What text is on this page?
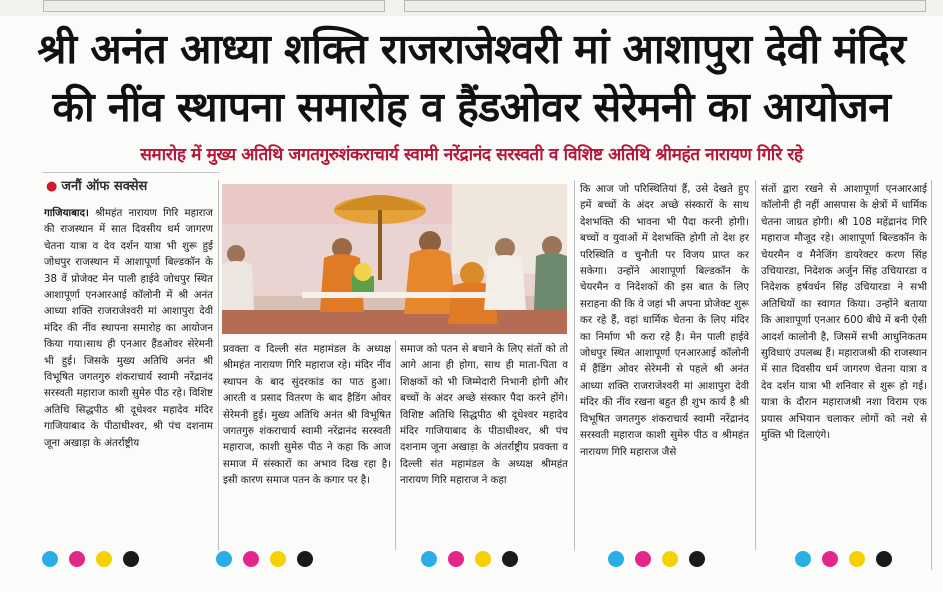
श्री अनंत आध्या शक्ति राजराजेश्वरी मां आशापुरा देवी मंदिर
की नींव स्थापना समारोह व हैंडओवर सेरेमनी का आयोजन
समारोह में मुख्य अतिथि जगतगुरुशंकराचार्य स्वामी नरेंद्रानंद सरस्वती व विशिष्ट अतिथि श्रीमहंत नारायण गिरि रहे
● जनौं ऑफ सक्सेस

गाजियाबाद। श्रीमहंत नारायण गिरि महाराज की राजस्थान में सात दिवसीय धर्म जागरण चेतना यात्रा व देव दर्शन यात्रा भी शुरू हुई जोधपुर राजस्थान में आशापूर्णा बिल्डकॉन के 38 वें प्रोजेक्ट मेन पाली हाईवे जोधपुर स्थित आशापूर्णा एनआरआई कॉलोनी में श्री अनंत आध्या शक्ति राजराजेश्वरी मां आशापुरा देवी मंदिर की नींव स्थापना समारोह का आयोजन किया गया।साथ ही एनआर हैंडओवर सेरेमनी भी हुई। जिसके मुख्य अतिथि अनंत श्री विभूषित जगतगुरु शंकराचार्य स्वामी नरेंद्रानंद सरस्वती महाराज काशी सुमेरु पीठ रहे। विशिष्ट अतिथि सिद्धपीठ श्री दूधेश्वर महादेव मंदिर गाजियाबाद के पीठाधीश्वर, श्री पंच दशनाम जूना अखाड़ा के अंतर्राष्ट्रीय

प्रवक्ता व दिल्ली संत महामंडल के अध्यक्ष श्रीमहंत नारायण गिरि महाराज रहे। मंदिर नींव स्थापन के बाद सुंदरकांड का पाठ हुआ। आरती व प्रसाद वितरण के बाद हैडिंग ओवर सेरेमनी हुई। मुख्य अतिथि अनंत श्री विभूषित जगतगुरु शंकराचार्य स्वामी नरेंद्रानंद सरस्वती महाराज, काशी सुमेरु पीठ ने कहा कि आज समाज में संस्कारों का अभाव दिख रहा है। इसी कारण समाज पतन के कगार पर है।

समाज को पतन से बचाने के लिए संतों को तो आगे आना ही होगा, साथ ही माता-पिता व शिक्षकों को भी जिम्मेदारी निभानी होगी और बच्चों के अंदर अच्छे संस्कार पैदा करने होंगे। विशिष्ट अतिथि सिद्धपीठ श्री दूधेश्वर महादेव मंदिर गाजियाबाद के पीठाधीश्वर, श्री पंच दशनाम जूना अखाड़ा के अंतर्राष्ट्रीय प्रवक्ता व दिल्ली संत महामंडल के अध्यक्ष श्रीमहंत नारायण गिरि महाराज ने कहा

कि आज जो परिस्थितियां हैं, उसे देखते हुए हमें बच्चों के अंदर अच्छे संस्कारों के साथ देशभक्ति की भावना भी पैदा करनी होगी। बच्चों व युवाओं में देशभक्ति होगी तो देश हर परिस्थिति व चुनौती पर विजय प्राप्त कर सकेगा। उन्होंने आशापूर्णा बिल्डकॉन के चेयरमैन व निदेशकों की इस बात के लिए सराहना की कि वे जहां भी अपना प्रोजेक्ट शुरू कर रहे हैं, वहां धार्मिक चेतना के लिए मंदिर का निर्माण भी करा रहे है। मेन पाली हाईवे जोधपुर स्थित आशापूर्णा एनआरआई कॉलोनी में हैंडिंग ओवर सेरेमनी से पहले श्री अनंत आध्या शक्ति राजराजेश्वरी मां आशापुरा देवी मंदिर की नींव रखना बहुत ही शुभ कार्य है श्री विभूषित जगतगुरु शंकराचार्य स्वामी नरेंद्रानंद सरस्वती महाराज काशी सुमेरु पीठ व श्रीमहंत नारायण गिरि महाराज जैसे

संतों द्वारा रखने से आशापूर्णा एनआरआई कॉलोनी ही नहीं आसपास के क्षेत्रों में धार्मिक चेतना जाग्रत होगी। श्री 108 महेंद्रानंद गिरि महाराज मौजूद रहे। आशापूर्णा बिल्डकॉन के चेयरमैन व मैनेजिंग डायरेक्टर करण सिंह उचियारडा, निदेशक अर्जुन सिंह उचियारडा व निदेशक हर्षवर्धन सिंह उचियारडा ने सभी अतिथियों का स्वागत किया। उन्होंने बताया कि आशापूर्णा एनआर 600 बीघे में बनी ऐसी आदर्श कालोनी है, जिसमें सभी आधुनिकतम सुविधाएं उपलब्ध हैं। महाराजश्री की राजस्थान में सात दिवसीय धर्म जागरण चेतना यात्रा व देव दर्शन यात्रा भी शनिवार से शुरू हो गई। यात्रा के दौरान महाराजश्री नशा विराम एक प्रयास अभियान चलाकर लोगों को नशे से मुक्ति भी दिलाएंगे।
